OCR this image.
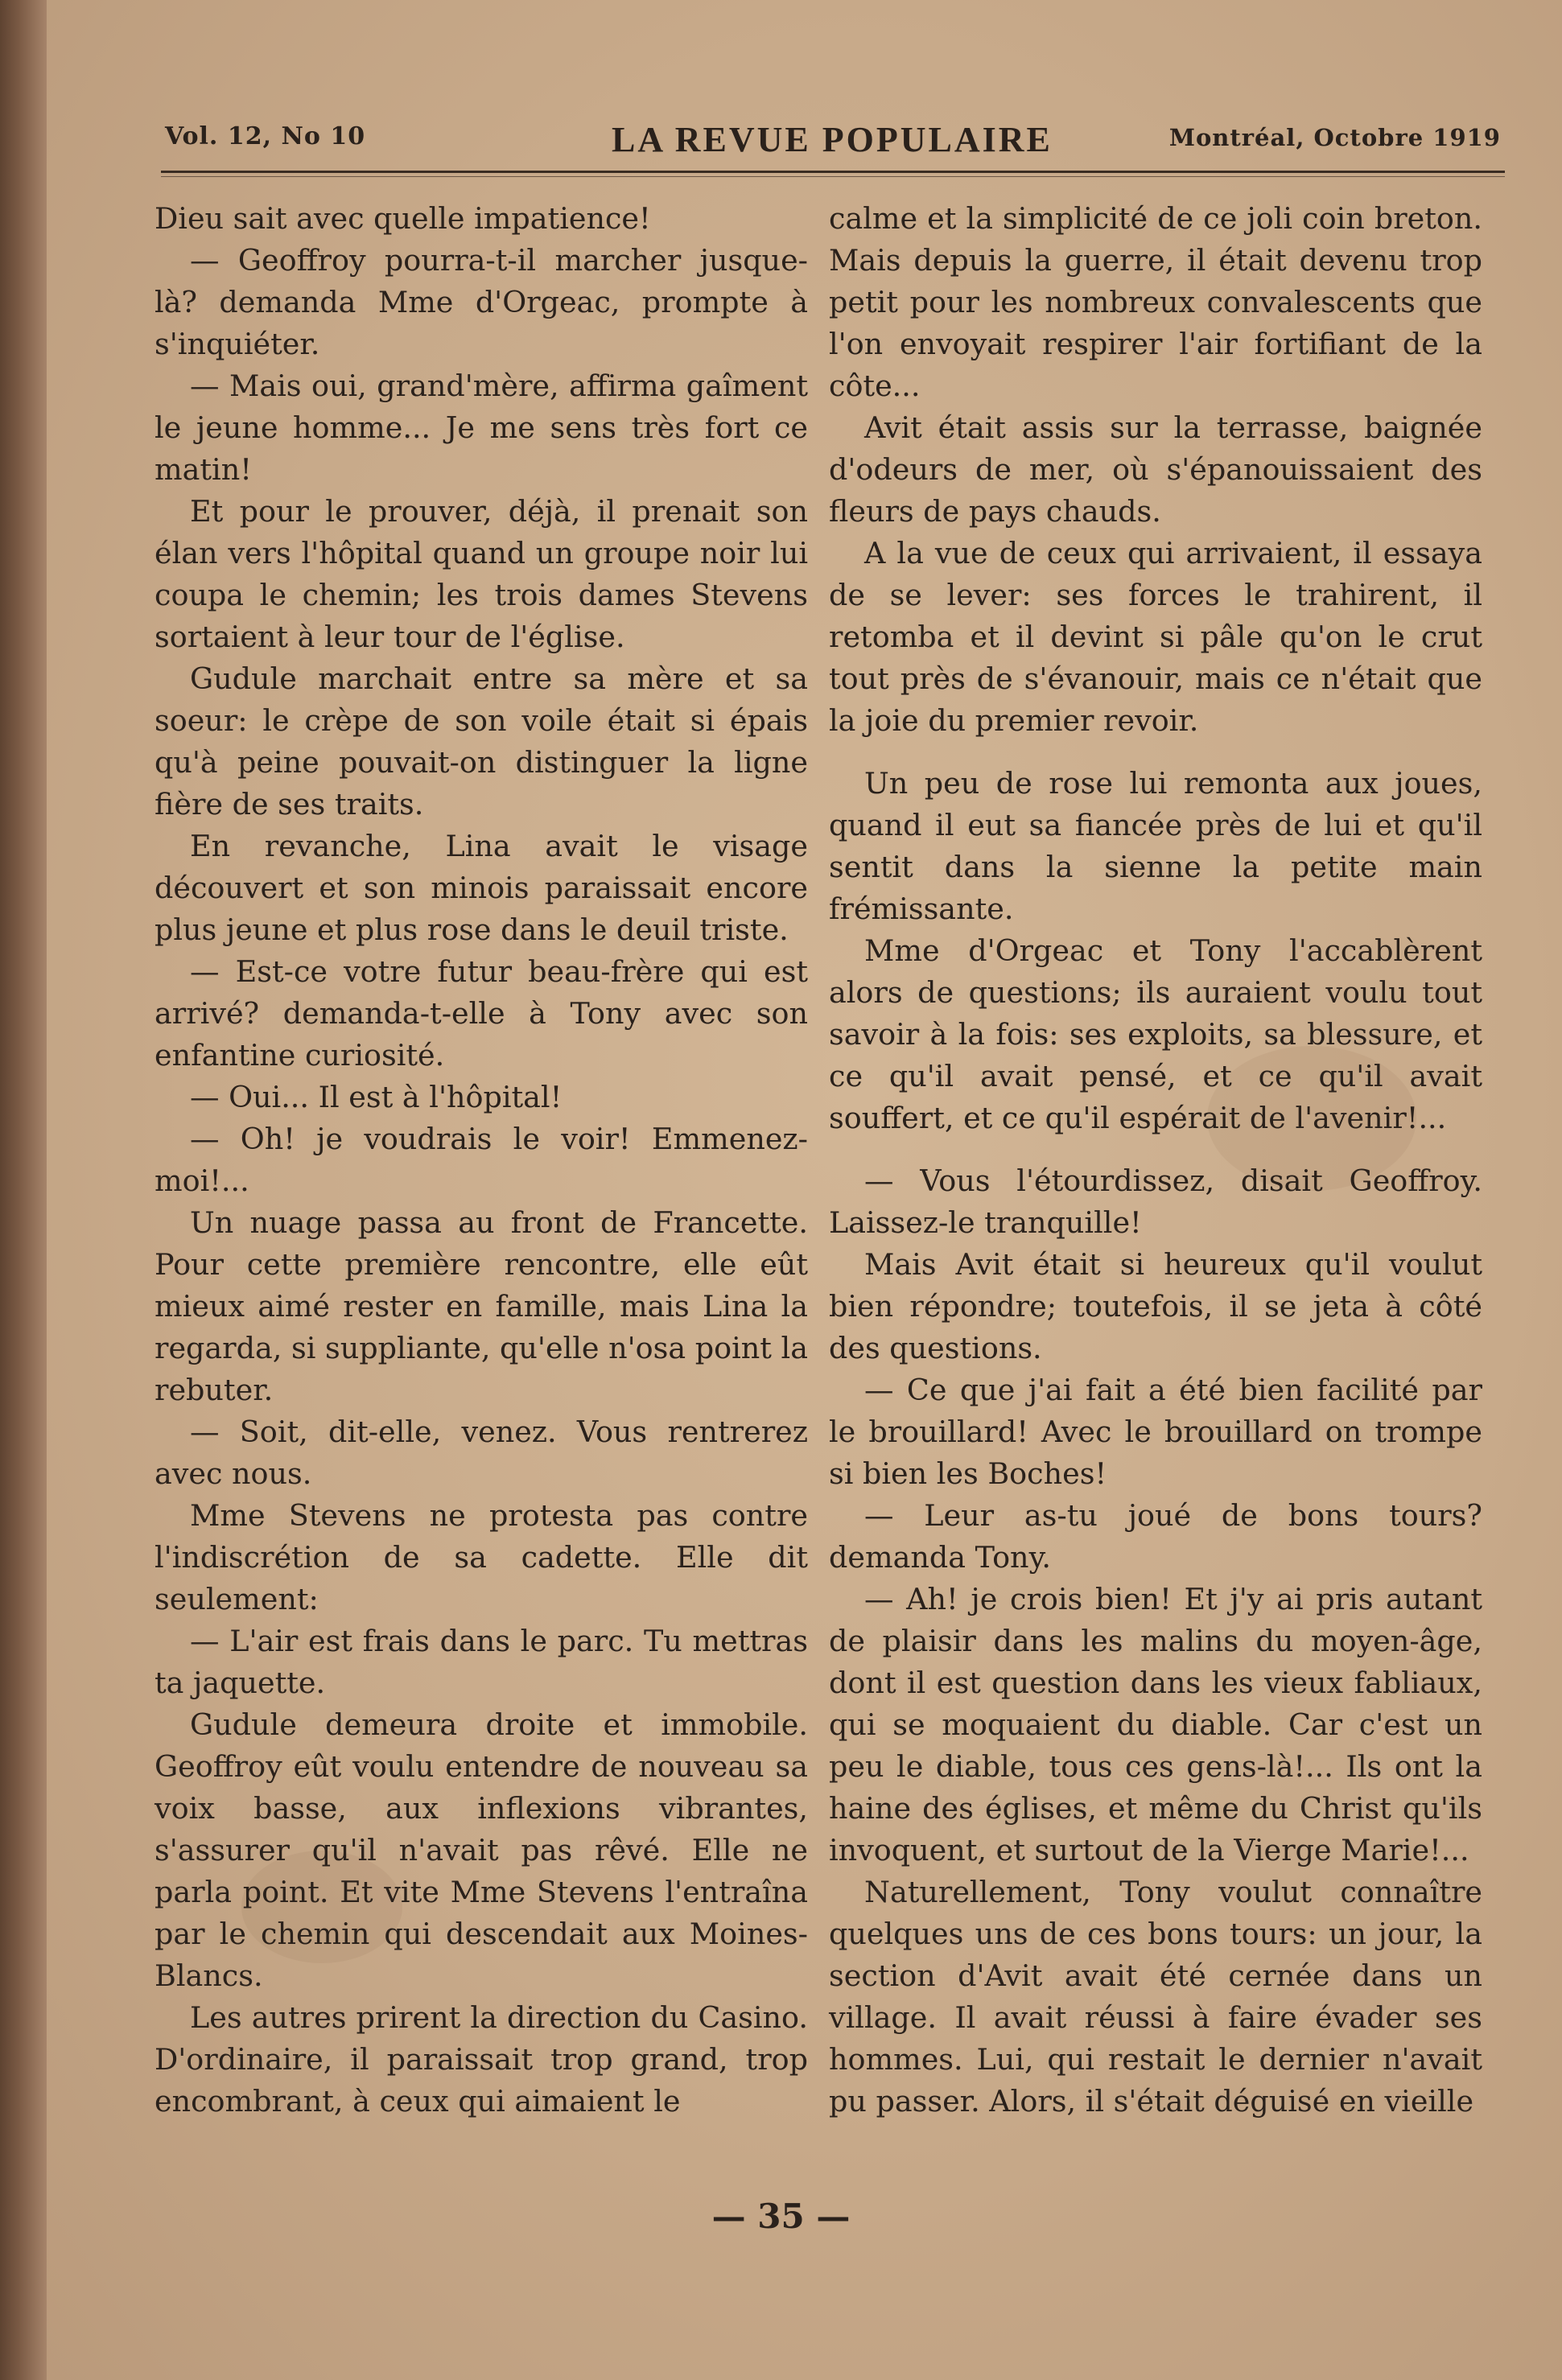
Vol. 12, No 10	LA REVUE POPULAIRE	Montréal, Octobre 1919

Dieu sait avec quelle impatience!

— Geoffroy pourra-t-il marcher jusque-là? demanda Mme d'Orgeac, prompte à s'inquiéter.

— Mais oui, grand'mère, affirma gaîment le jeune homme... Je me sens très fort ce matin!

Et pour le prouver, déjà, il prenait son élan vers l'hôpital quand un groupe noir lui coupa le chemin; les trois dames Stevens sortaient à leur tour de l'église.

Gudule marchait entre sa mère et sa soeur: le crèpe de son voile était si épais qu'à peine pouvait-on distinguer la ligne fière de ses traits.

En revanche, Lina avait le visage découvert et son minois paraissait encore plus jeune et plus rose dans le deuil triste.

— Est-ce votre futur beau-frère qui est arrivé? demanda-t-elle à Tony avec son enfantine curiosité.

— Oui... Il est à l'hôpital!

— Oh! je voudrais le voir! Emmenez-moi!...

Un nuage passa au front de Francette. Pour cette première rencontre, elle eût mieux aimé rester en famille, mais Lina la regarda, si suppliante, qu'elle n'osa point la rebuter.

— Soit, dit-elle, venez. Vous rentrerez avec nous.

Mme Stevens ne protesta pas contre l'indiscrétion de sa cadette. Elle dit seulement:

— L'air est frais dans le parc. Tu mettras ta jaquette.

Gudule demeura droite et immobile. Geoffroy eût voulu entendre de nouveau sa voix basse, aux inflexions vibrantes, s'assurer qu'il n'avait pas rêvé. Elle ne parla point. Et vite Mme Stevens l'entraîna par le chemin qui descendait aux Moines-Blancs.

Les autres prirent la direction du Casino. D'ordinaire, il paraissait trop grand, trop encombrant, à ceux qui aimaient le

calme et la simplicité de ce joli coin breton. Mais depuis la guerre, il était devenu trop petit pour les nombreux convalescents que l'on envoyait respirer l'air fortifiant de la côte...

Avit était assis sur la terrasse, baignée d'odeurs de mer, où s'épanouissaient des fleurs de pays chauds.

A la vue de ceux qui arrivaient, il essaya de se lever: ses forces le trahirent, il retomba et il devint si pâle qu'on le crut tout près de s'évanouir, mais ce n'était que la joie du premier revoir.

Un peu de rose lui remonta aux joues, quand il eut sa fiancée près de lui et qu'il sentit dans la sienne la petite main frémissante.

Mme d'Orgeac et Tony l'accablèrent alors de questions; ils auraient voulu tout savoir à la fois: ses exploits, sa blessure, et ce qu'il avait pensé, et ce qu'il avait souffert, et ce qu'il espérait de l'avenir!...

— Vous l'étourdissez, disait Geoffroy. Laissez-le tranquille!

Mais Avit était si heureux qu'il voulut bien répondre; toutefois, il se jeta à côté des questions.

— Ce que j'ai fait a été bien facilité par le brouillard! Avec le brouillard on trompe si bien les Boches!

— Leur as-tu joué de bons tours? demanda Tony.

— Ah! je crois bien! Et j'y ai pris autant de plaisir dans les malins du moyen-âge, dont il est question dans les vieux fabliaux, qui se moquaient du diable. Car c'est un peu le diable, tous ces gens-là!... Ils ont la haine des églises, et même du Christ qu'ils invoquent, et surtout de la Vierge Marie!...

Naturellement, Tony voulut connaître quelques uns de ces bons tours: un jour, la section d'Avit avait été cernée dans un village. Il avait réussi à faire évader ses hommes. Lui, qui restait le dernier n'avait pu passer. Alors, il s'était déguisé en vieille

— 35 —
